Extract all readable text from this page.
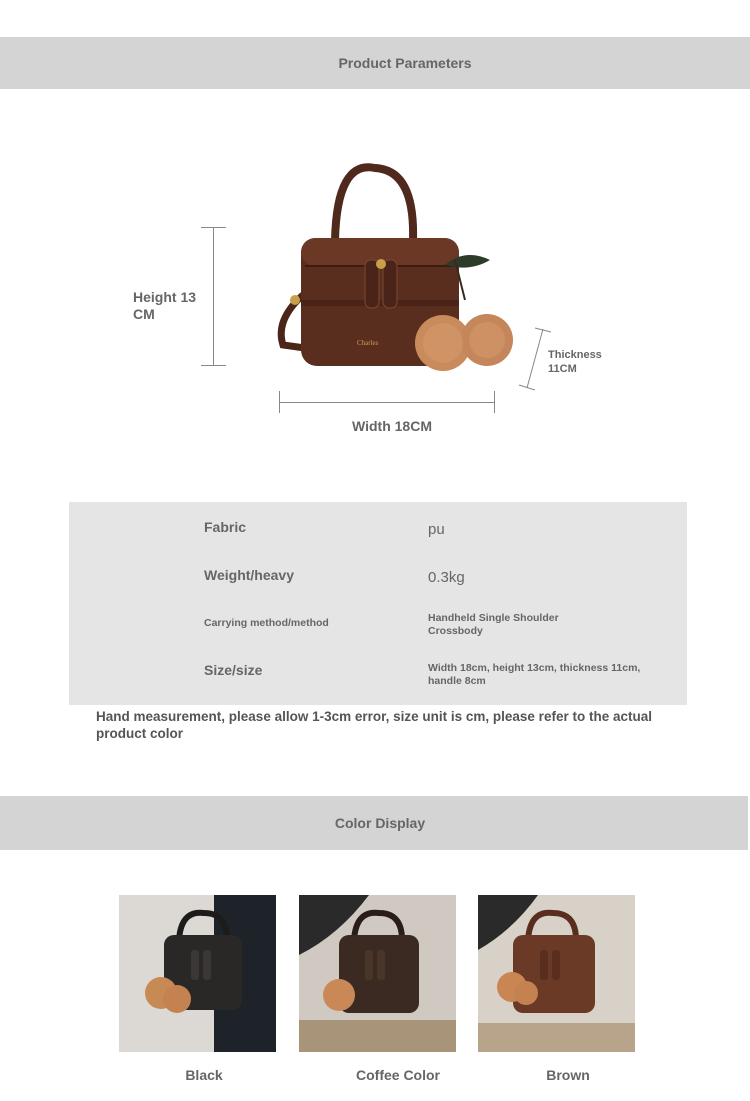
Product Parameters
Height 13
CM
Width 18CM
Thickness
11CM
Charles
Fabric	pu
Weight/heavy	0.3kg
Carrying method/method	Handheld Single Shoulder
Crossbody
Size/size	Width 18cm, height 13cm, thickness 11cm,
handle 8cm
Hand measurement, please allow 1-3cm error, size unit is cm, please refer to the actual product color
Color Display
Black	Coffee Color	Brown
